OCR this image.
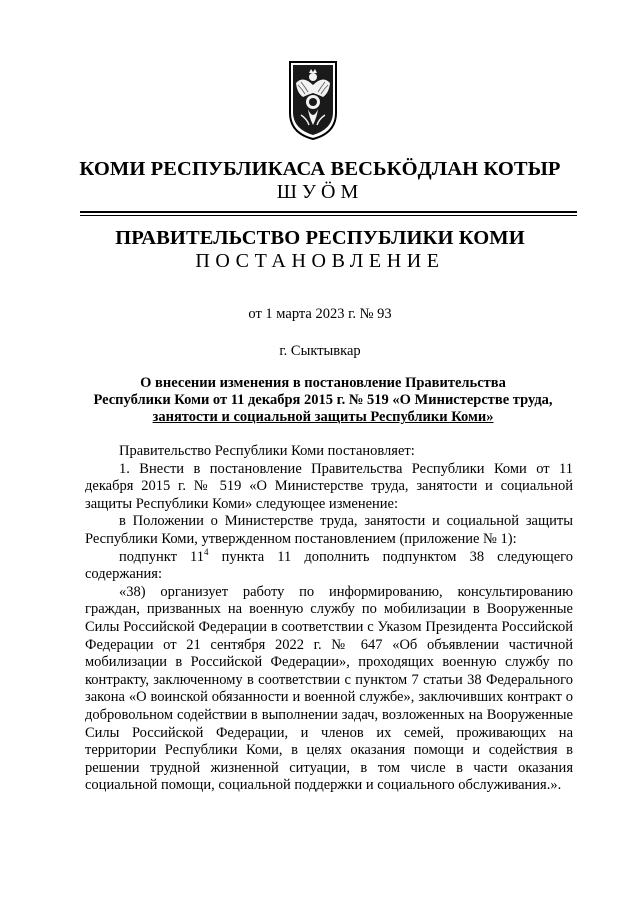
КОМИ РЕСПУБЛИКАСА ВЕСЬКӦДЛАН КОТЫР
ШУӦМ
ПРАВИТЕЛЬСТВО РЕСПУБЛИКИ КОМИ
ПОСТАНОВЛЕНИЕ
от 1 марта 2023 г. № 93
г. Сыктывкар
О внесении изменения в постановление Правительства
Республики Коми от 11 декабря 2015 г. № 519 «О Министерстве труда,
занятости и социальной защиты Республики Коми»

Правительство Республики Коми постановляет:

1. Внести в постановление Правительства Республики Коми от 11 декабря 2015 г. № 519 «О Министерстве труда, занятости и социальной защиты Республики Коми» следующее изменение:

в Положении о Министерстве труда, занятости и социальной защиты Республики Коми, утвержденном постановлением (приложение № 1):

подпункт $11^4$ пункта 11 дополнить подпунктом 38 следующего содержания:

«38) организует работу по информированию, консультированию граждан, призванных на военную службу по мобилизации в Вооруженные Силы Российской Федерации в соответствии с Указом Президента Российской Федерации от 21 сентября 2022 г. № 647 «Об объявлении частичной мобилизации в Российской Федерации», проходящих военную службу по контракту, заключенному в соответствии с пунктом 7 статьи 38 Федерального закона «О воинской обязанности и военной службе», заключивших контракт о добровольном содействии в выполнении задач, возложенных на Вооруженные Силы Российской Федерации, и членов их семей, проживающих на территории Республики Коми, в целях оказания помощи и содействия в решении трудной жизненной ситуации, в том числе в части оказания социальной помощи, социальной поддержки и социального обслуживания.».
